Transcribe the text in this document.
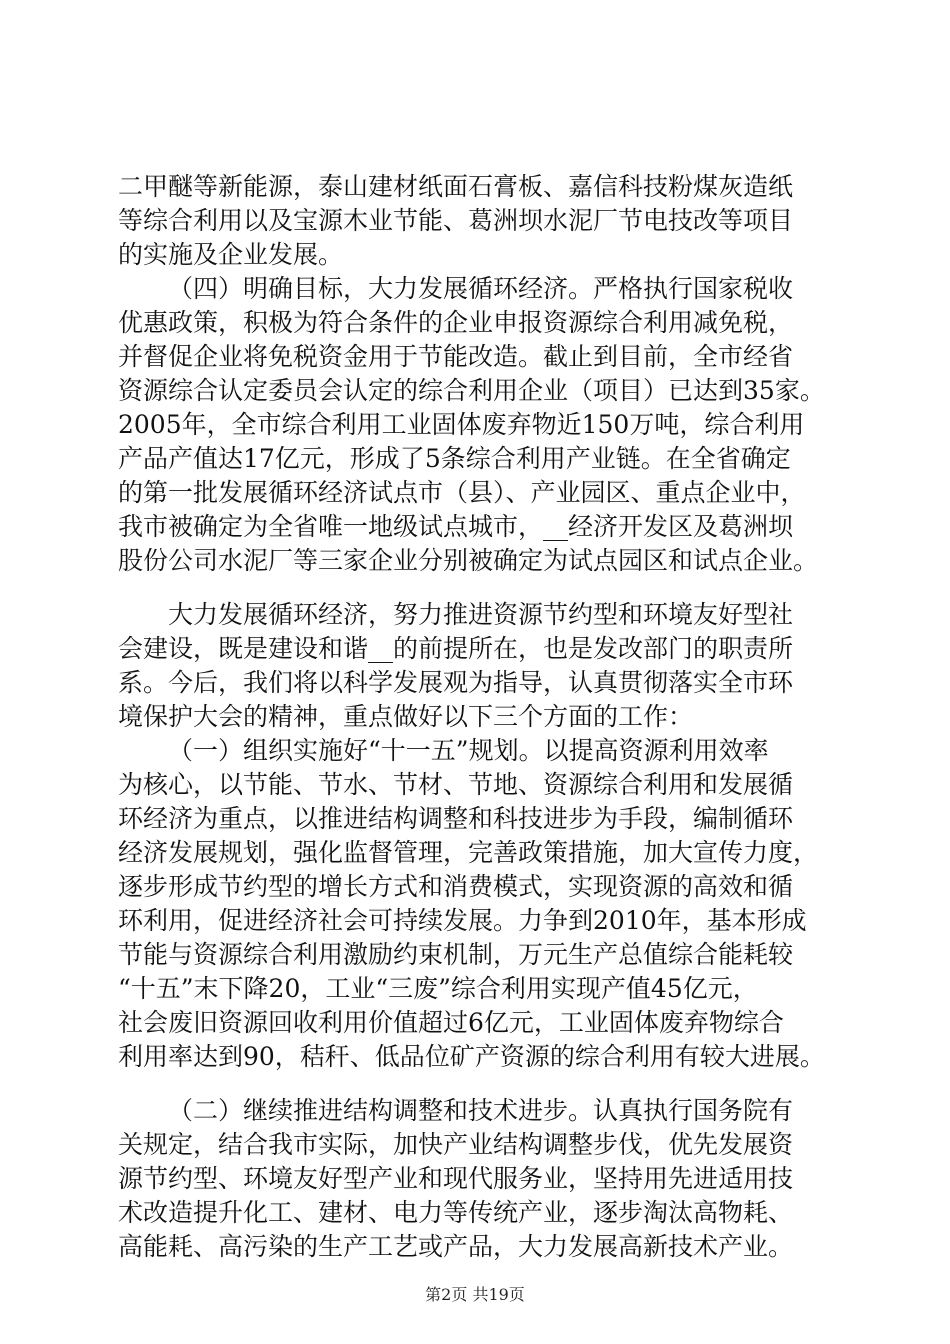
二甲醚等新能源，泰山建材纸面石膏板、嘉信科技粉煤灰造纸
等综合利用以及宝源木业节能、葛洲坝水泥厂节电技改等项目
的实施及企业发展。
（四）明确目标，大力发展循环经济。严格执行国家税收
优惠政策，积极为符合条件的企业申报资源综合利用减免税，
并督促企业将免税资金用于节能改造。截止到目前，全市经省
资源综合认定委员会认定的综合利用企业（项目）已达到35家。
2005年，全市综合利用工业固体废弃物近150万吨，综合利用
产品产值达17亿元，形成了5条综合利用产业链。在全省确定
的第一批发展循环经济试点市（县）、产业园区、重点企业中，
我市被确定为全省唯一地级试点城市，__经济开发区及葛洲坝
股份公司水泥厂等三家企业分别被确定为试点园区和试点企业。
大力发展循环经济，努力推进资源节约型和环境友好型社
会建设，既是建设和谐__的前提所在，也是发改部门的职责所
系。今后，我们将以科学发展观为指导，认真贯彻落实全市环
境保护大会的精神，重点做好以下三个方面的工作：
（一）组织实施好“十一五”规划。以提高资源利用效率
为核心，以节能、节水、节材、节地、资源综合利用和发展循
环经济为重点，以推进结构调整和科技进步为手段，编制循环
经济发展规划，强化监督管理，完善政策措施，加大宣传力度，
逐步形成节约型的增长方式和消费模式，实现资源的高效和循
环利用，促进经济社会可持续发展。力争到2010年，基本形成
节能与资源综合利用激励约束机制，万元生产总值综合能耗较
“十五”末下降20，工业“三废”综合利用实现产值45亿元，
社会废旧资源回收利用价值超过6亿元，工业固体废弃物综合
利用率达到90，秸秆、低品位矿产资源的综合利用有较大进展。
（二）继续推进结构调整和技术进步。认真执行国务院有
关规定，结合我市实际，加快产业结构调整步伐，优先发展资
源节约型、环境友好型产业和现代服务业，坚持用先进适用技
术改造提升化工、建材、电力等传统产业，逐步淘汰高物耗、
高能耗、高污染的生产工艺或产品，大力发展高新技术产业。
第2页 共19页
